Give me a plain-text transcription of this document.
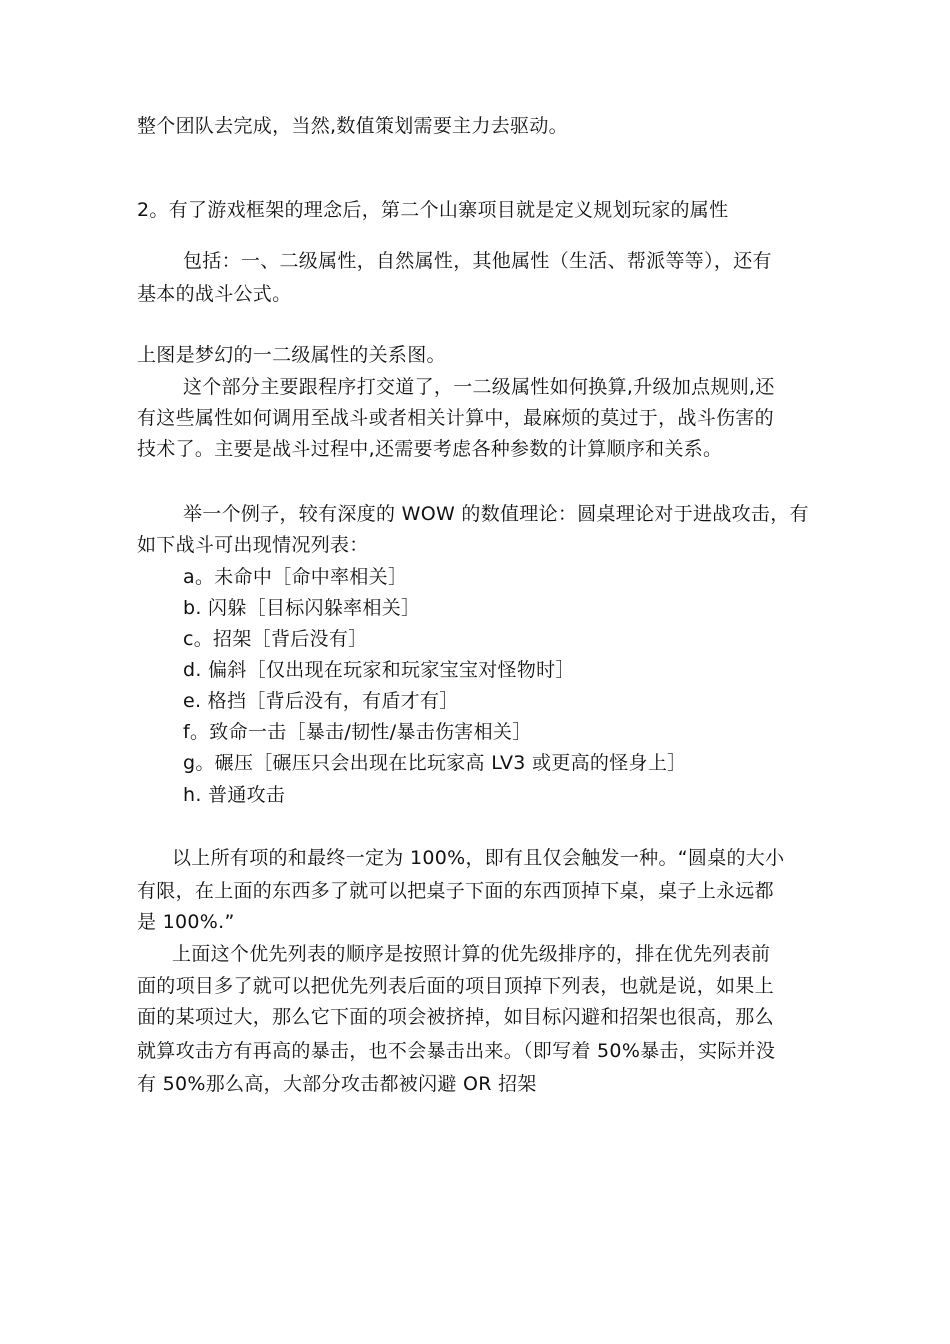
整个团队去完成，当然,数值策划需要主力去驱动。
2。有了游戏框架的理念后，第二个山寨项目就是定义规划玩家的属性
包括：一、二级属性，自然属性，其他属性（生活、帮派等等），还有
基本的战斗公式。
上图是梦幻的一二级属性的关系图。
这个部分主要跟程序打交道了，一二级属性如何换算,升级加点规则,还
有这些属性如何调用至战斗或者相关计算中，最麻烦的莫过于，战斗伤害的
技术了。主要是战斗过程中,还需要考虑各种参数的计算顺序和关系。
举一个例子，较有深度的 WOW 的数值理论：圆桌理论对于进战攻击，有
如下战斗可出现情况列表：
a。未命中［命中率相关］
b. 闪躲［目标闪躲率相关］
c。招架［背后没有］
d. 偏斜［仅出现在玩家和玩家宝宝对怪物时］
e. 格挡［背后没有，有盾才有］
f。致命一击［暴击/韧性/暴击伤害相关］
g。碾压［碾压只会出现在比玩家高 LV3 或更高的怪身上］
h. 普通攻击
以上所有项的和最终一定为 100%，即有且仅会触发一种。“圆桌的大小
有限，在上面的东西多了就可以把桌子下面的东西顶掉下桌，桌子上永远都
是 100%.”
上面这个优先列表的顺序是按照计算的优先级排序的，排在优先列表前
面的项目多了就可以把优先列表后面的项目顶掉下列表，也就是说，如果上
面的某项过大，那么它下面的项会被挤掉，如目标闪避和招架也很高，那么
就算攻击方有再高的暴击，也不会暴击出来。（即写着 50%暴击，实际并没
有 50%那么高，大部分攻击都被闪避 OR 招架
